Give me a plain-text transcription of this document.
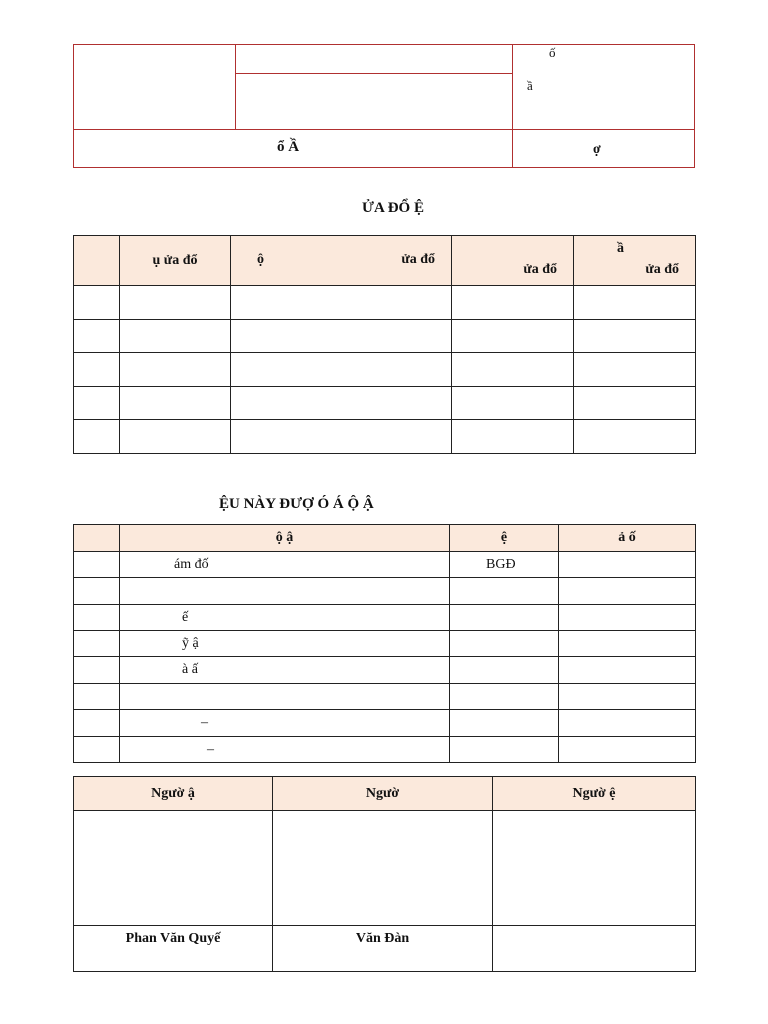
ố
ầ
ổ Ầ	ợ
ỬA ĐỔ Ệ
	ụ ửa đổ	ộ ửa đổ	ửa đổ	ầ
ửa đổ

ỆU NÀY ĐƯỢ Ó Á Ộ Ậ
	ộ ậ	ệ	ả ố
	ám đố	BGĐ	

	ế		
	ỹ ậ		
	à ấ		

	–		
	–		
Ngườ ậ	Ngườ	Ngườ ệ

Phan Văn Quyế	Văn Đàn	
